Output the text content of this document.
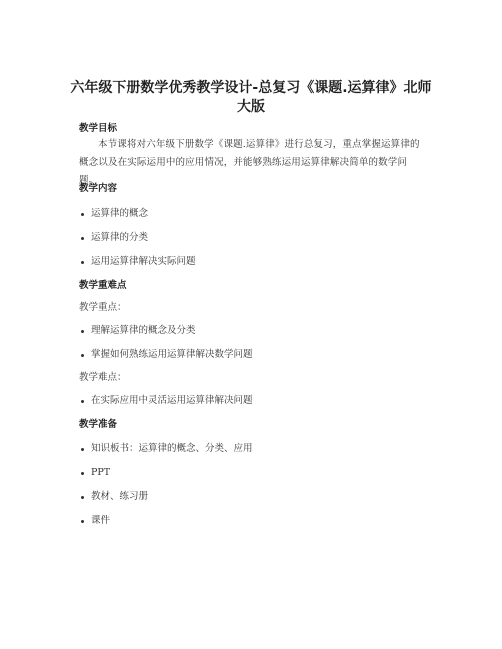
六年级下册数学优秀教学设计-总复习《课题.运算律》北师大版
教学目标
本节课将对六年级下册数学《课题.运算律》进行总复习，重点掌握运算律的概念以及在实际运用中的应用情况，并能够熟练运用运算律解决简单的数学问题。
教学内容
运算律的概念
运算律的分类
运用运算律解决实际问题
教学重难点
教学重点：
理解运算律的概念及分类
掌握如何熟练运用运算律解决数学问题
教学难点：
在实际应用中灵活运用运算律解决问题
教学准备
知识板书：运算律的概念、分类、应用
PPT
教材、练习册
课件
